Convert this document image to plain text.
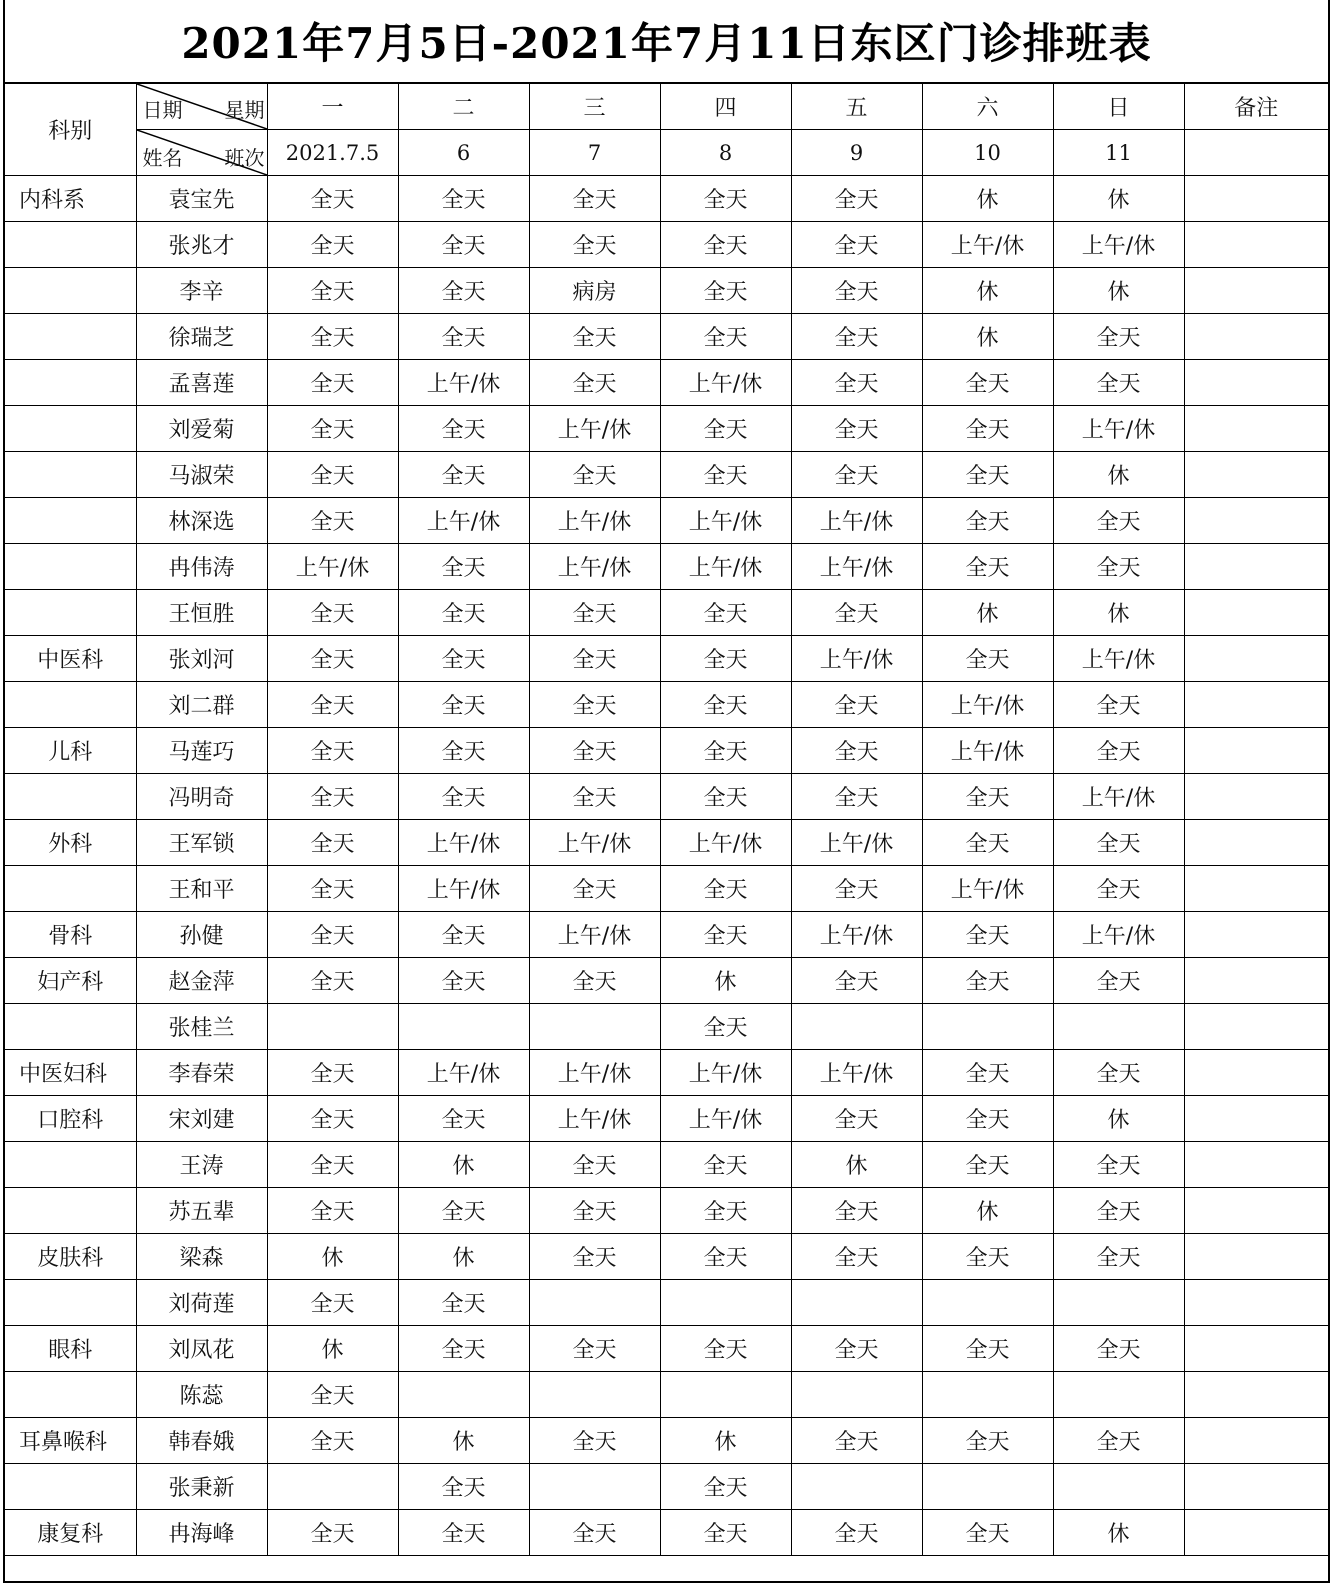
2021年7月5日-2021年7月11日东区门诊排班表
科别	日期 星期	一	二	三	四	五	六	日	备注

	姓名 班次	2021.7.5	6	7	8	9	10	11	
内科系	袁宝先	全天	全天	全天	全天	全天	休	休	
	张兆才	全天	全天	全天	全天	全天	上午/休	上午/休	
	李辛	全天	全天	病房	全天	全天	休	休	
	徐瑞芝	全天	全天	全天	全天	全天	休	全天	
	孟喜莲	全天	上午/休	全天	上午/休	全天	全天	全天	
	刘爱菊	全天	全天	上午/休	全天	全天	全天	上午/休	
	马淑荣	全天	全天	全天	全天	全天	全天	休	
	林深选	全天	上午/休	上午/休	上午/休	上午/休	全天	全天	
	冉伟涛	上午/休	全天	上午/休	上午/休	上午/休	全天	全天	
	王恒胜	全天	全天	全天	全天	全天	休	休	
中医科	张刘河	全天	全天	全天	全天	上午/休	全天	上午/休	
	刘二群	全天	全天	全天	全天	全天	上午/休	全天	
儿科	马莲巧	全天	全天	全天	全天	全天	上午/休	全天	
	冯明奇	全天	全天	全天	全天	全天	全天	上午/休	
外科	王军锁	全天	上午/休	上午/休	上午/休	上午/休	全天	全天	
	王和平	全天	上午/休	全天	全天	全天	上午/休	全天	
骨科	孙健	全天	全天	上午/休	全天	上午/休	全天	上午/休	
妇产科	赵金萍	全天	全天	全天	休	全天	全天	全天	
	张桂兰				全天				
中医妇科	李春荣	全天	上午/休	上午/休	上午/休	上午/休	全天	全天	
口腔科	宋刘建	全天	全天	上午/休	上午/休	全天	全天	休	
	王涛	全天	休	全天	全天	休	全天	全天	
	苏五辈	全天	全天	全天	全天	全天	休	全天	
皮肤科	梁森	休	休	全天	全天	全天	全天	全天	
	刘荷莲	全天	全天						
眼科	刘凤花	休	全天	全天	全天	全天	全天	全天	
	陈蕊	全天							
耳鼻喉科	韩春娥	全天	休	全天	休	全天	全天	全天	
	张秉新		全天		全天				
康复科	冉海峰	全天	全天	全天	全天	全天	全天	休	
